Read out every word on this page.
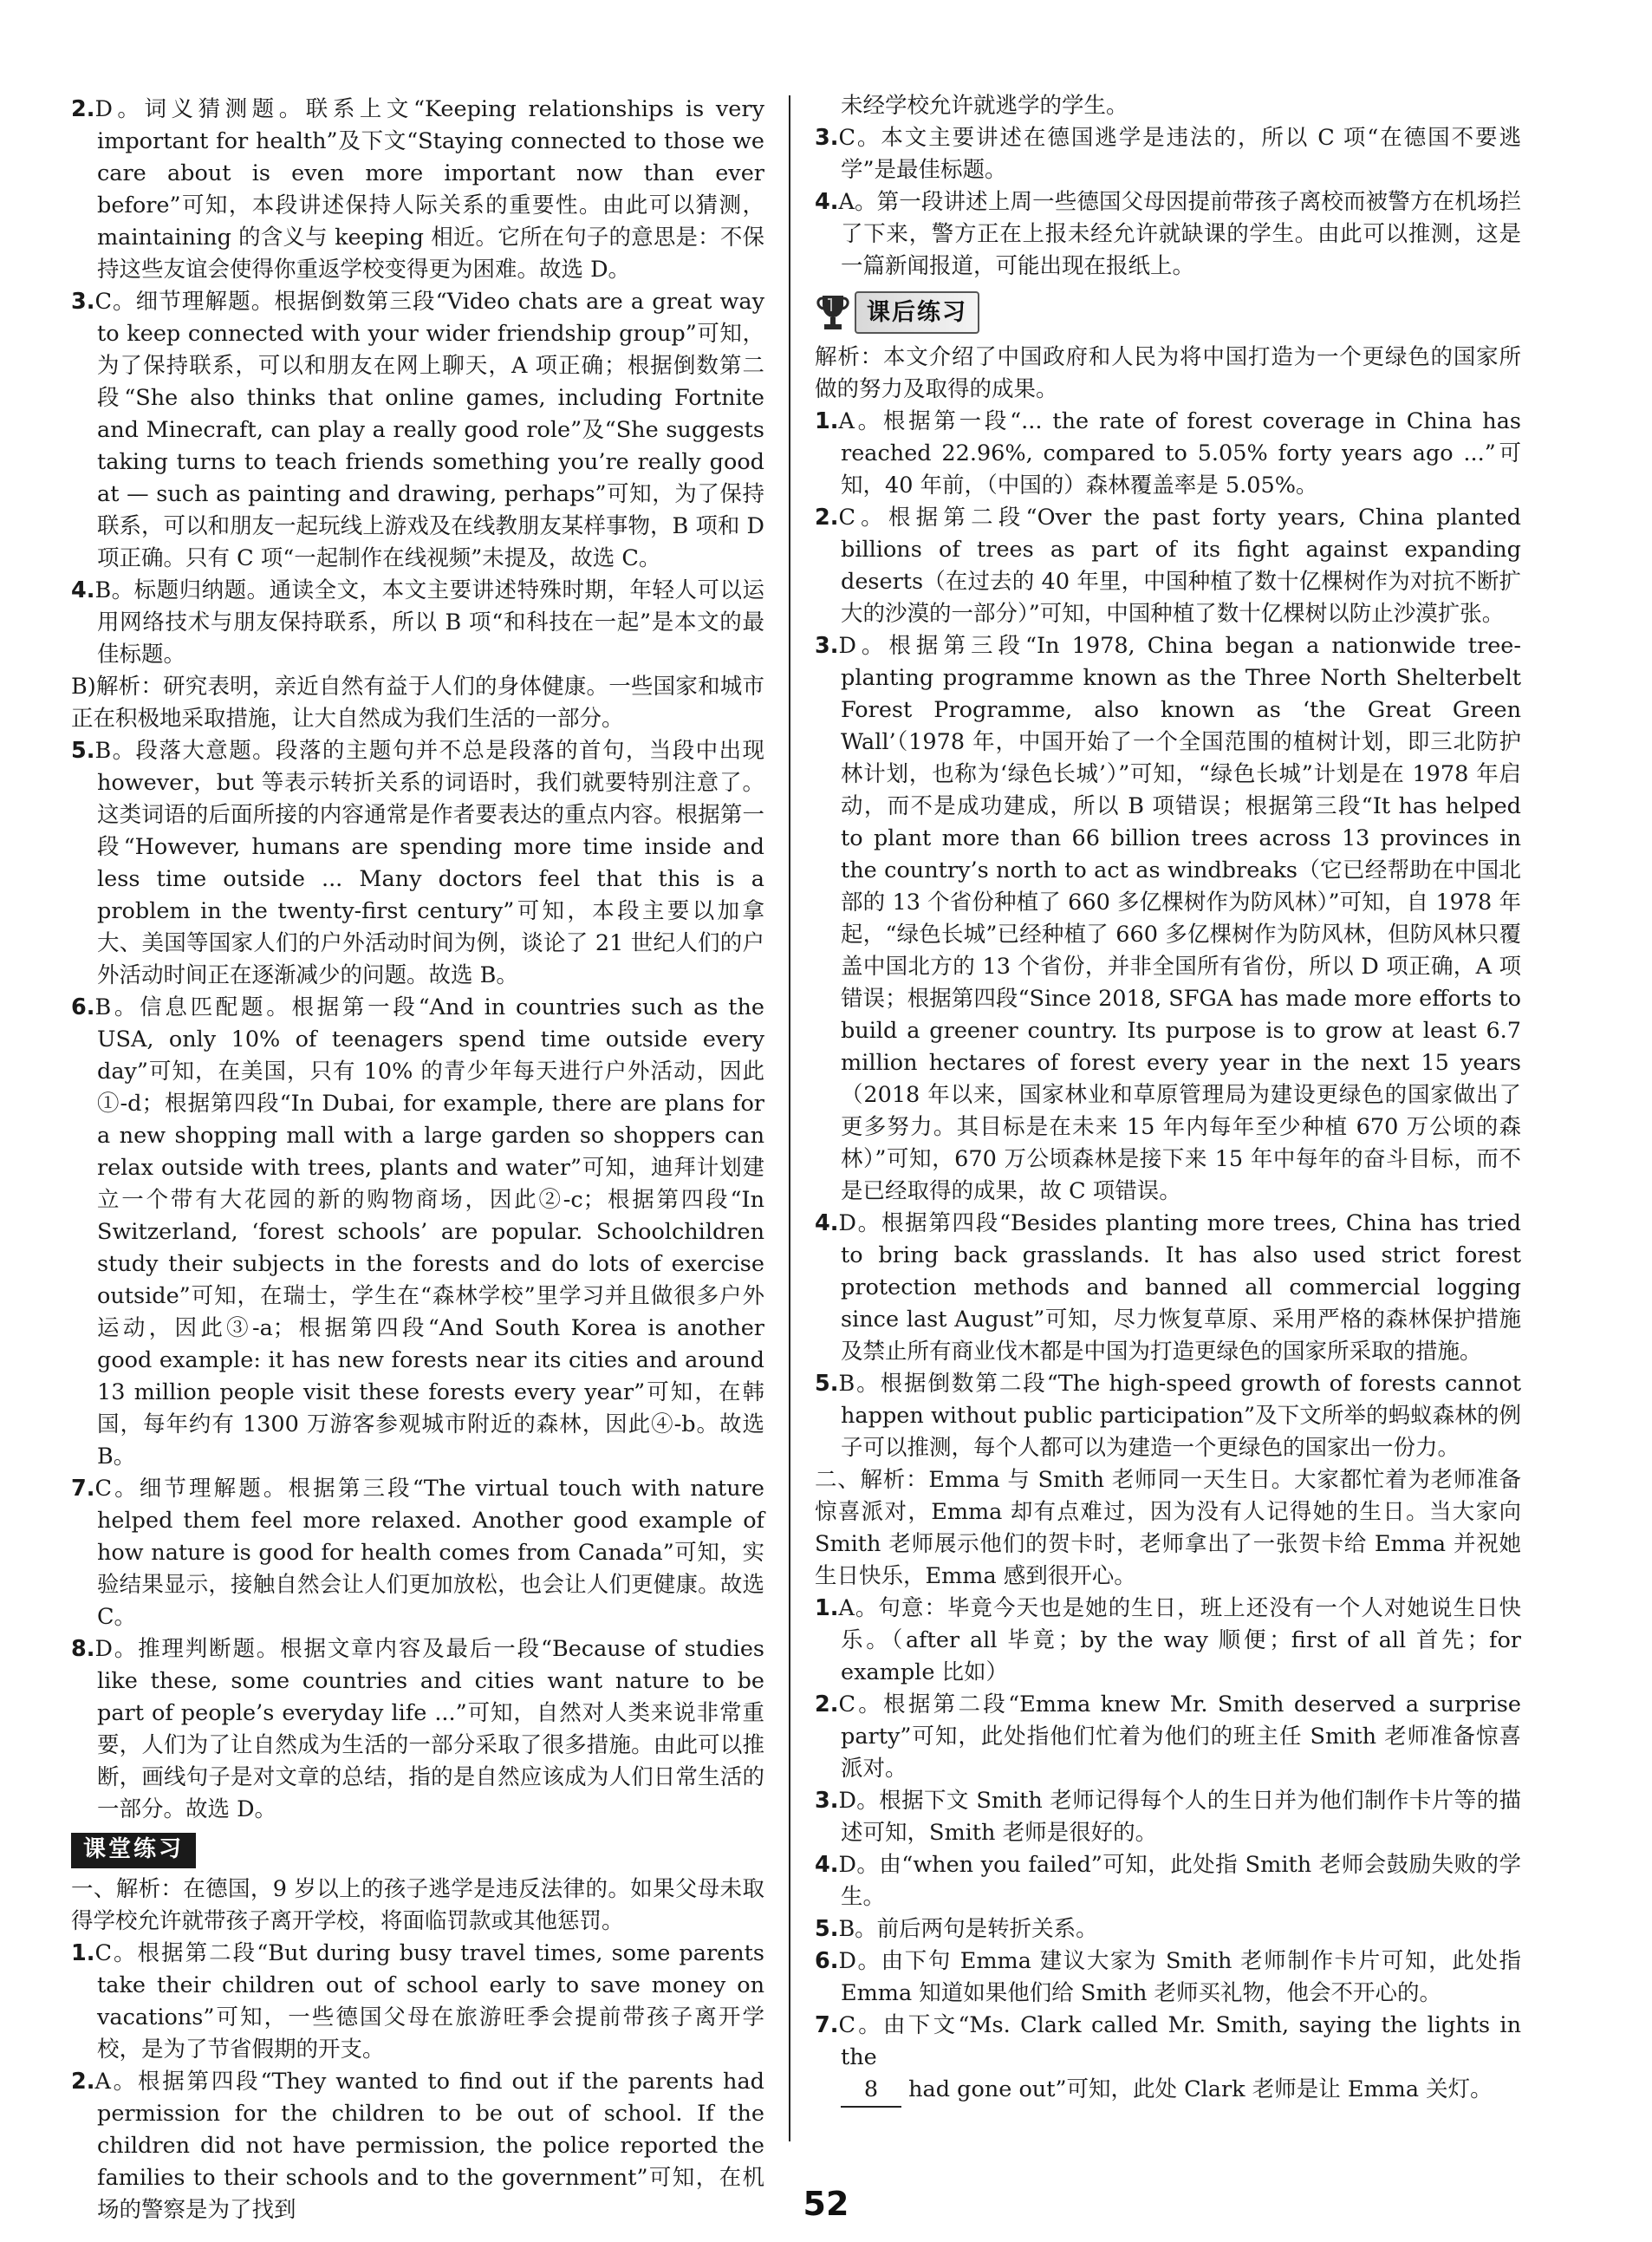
2.D。词义猜测题。联系上文“Keeping relationships is very important for health”及下文“Staying connected to those we care about is even more important now than ever before”可知，本段讲述保持人际关系的重要性。由此可以猜测，maintaining 的含义与 keeping 相近。它所在句子的意思是：不保持这些友谊会使得你重返学校变得更为困难。故选 D。

3.C。细节理解题。根据倒数第三段“Video chats are a great way to keep connected with your wider friendship group”可知，为了保持联系，可以和朋友在网上聊天，A 项正确；根据倒数第二段“She also thinks that online games, including Fortnite and Minecraft, can play a really good role”及“She suggests taking turns to teach friends something you’re really good at — such as painting and drawing, perhaps”可知，为了保持联系，可以和朋友一起玩线上游戏及在线教朋友某样事物，B 项和 D 项正确。只有 C 项“一起制作在线视频”未提及，故选 C。

4.B。标题归纳题。通读全文，本文主要讲述特殊时期，年轻人可以运用网络技术与朋友保持联系，所以 B 项“和科技在一起”是本文的最佳标题。

B)解析：研究表明，亲近自然有益于人们的身体健康。一些国家和城市正在积极地采取措施，让大自然成为我们生活的一部分。

5.B。段落大意题。段落的主题句并不总是段落的首句，当段中出现 however，but 等表示转折关系的词语时，我们就要特别注意了。这类词语的后面所接的内容通常是作者要表达的重点内容。根据第一段“However, humans are spending more time inside and less time outside ... Many doctors feel that this is a problem in the twenty-first century”可知，本段主要以加拿大、美国等国家人们的户外活动时间为例，谈论了 21 世纪人们的户外活动时间正在逐渐减少的问题。故选 B。

6.B。信息匹配题。根据第一段“And in countries such as the USA, only 10% of teenagers spend time outside every day”可知，在美国，只有 10% 的青少年每天进行户外活动，因此①-d；根据第四段“In Dubai, for example, there are plans for a new shopping mall with a large garden so shoppers can relax outside with trees, plants and water”可知，迪拜计划建立一个带有大花园的新的购物商场，因此②-c；根据第四段“In Switzerland, ‘forest schools’ are popular. Schoolchildren study their subjects in the forests and do lots of exercise outside”可知，在瑞士，学生在“森林学校”里学习并且做很多户外运动，因此③-a；根据第四段“And South Korea is another good example: it has new forests near its cities and around 13 million people visit these forests every year”可知，在韩国，每年约有 1300 万游客参观城市附近的森林，因此④-b。故选 B。

7.C。细节理解题。根据第三段“The virtual touch with nature helped them feel more relaxed. Another good example of how nature is good for health comes from Canada”可知，实验结果显示，接触自然会让人们更加放松，也会让人们更健康。故选 C。

8.D。推理判断题。根据文章内容及最后一段“Because of studies like these, some countries and cities want nature to be part of people’s everyday life ...”可知，自然对人类来说非常重要，人们为了让自然成为生活的一部分采取了很多措施。由此可以推断，画线句子是对文章的总结，指的是自然应该成为人们日常生活的一部分。故选 D。

课堂练习

一、解析：在德国，9 岁以上的孩子逃学是违反法律的。如果父母未取得学校允许就带孩子离开学校，将面临罚款或其他惩罚。

1.C。根据第二段“But during busy travel times, some parents take their children out of school early to save money on vacations”可知，一些德国父母在旅游旺季会提前带孩子离开学校，是为了节省假期的开支。

2.A。根据第四段“They wanted to find out if the parents had permission for the children to be out of school. If the children did not have permission, the police reported the families to their schools and to the government”可知，在机场的警察是为了找到

未经学校允许就逃学的学生。

3.C。本文主要讲述在德国逃学是违法的，所以 C 项“在德国不要逃学”是最佳标题。

4.A。第一段讲述上周一些德国父母因提前带孩子离校而被警方在机场拦了下来，警方正在上报未经允许就缺课的学生。由此可以推测，这是一篇新闻报道，可能出现在报纸上。

课后练习

解析：本文介绍了中国政府和人民为将中国打造为一个更绿色的国家所做的努力及取得的成果。

1.A。根据第一段“... the rate of forest coverage in China has reached 22.96%, compared to 5.05% forty years ago ...”可知，40 年前，（中国的）森林覆盖率是 5.05%。

2.C。根据第二段“Over the past forty years, China planted billions of trees as part of its fight against expanding deserts（在过去的 40 年里，中国种植了数十亿棵树作为对抗不断扩大的沙漠的一部分）”可知，中国种植了数十亿棵树以防止沙漠扩张。

3.D。根据第三段“In 1978, China began a nationwide tree-planting programme known as the Three North Shelterbelt Forest Programme, also known as ‘the Great Green Wall’（1978 年，中国开始了一个全国范围的植树计划，即三北防护林计划，也称为‘绿色长城’）”可知，“绿色长城”计划是在 1978 年启动，而不是成功建成，所以 B 项错误；根据第三段“It has helped to plant more than 66 billion trees across 13 provinces in the country’s north to act as windbreaks（它已经帮助在中国北部的 13 个省份种植了 660 多亿棵树作为防风林）”可知，自 1978 年起，“绿色长城”已经种植了 660 多亿棵树作为防风林，但防风林只覆盖中国北方的 13 个省份，并非全国所有省份，所以 D 项正确，A 项错误；根据第四段“Since 2018, SFGA has made more efforts to build a greener country. Its purpose is to grow at least 6.7 million hectares of forest every year in the next 15 years（2018 年以来，国家林业和草原管理局为建设更绿色的国家做出了更多努力。其目标是在未来 15 年内每年至少种植 670 万公顷的森林）”可知，670 万公顷森林是接下来 15 年中每年的奋斗目标，而不是已经取得的成果，故 C 项错误。

4.D。根据第四段“Besides planting more trees, China has tried to bring back grasslands. It has also used strict forest protection methods and banned all commercial logging since last August”可知，尽力恢复草原、采用严格的森林保护措施及禁止所有商业伐木都是中国为打造更绿色的国家所采取的措施。

5.B。根据倒数第二段“The high-speed growth of forests cannot happen without public participation”及下文所举的蚂蚁森林的例子可以推测，每个人都可以为建造一个更绿色的国家出一份力。

二、解析：Emma 与 Smith 老师同一天生日。大家都忙着为老师准备惊喜派对，Emma 却有点难过，因为没有人记得她的生日。当大家向 Smith 老师展示他们的贺卡时，老师拿出了一张贺卡给 Emma 并祝她生日快乐，Emma 感到很开心。

1.A。句意：毕竟今天也是她的生日，班上还没有一个人对她说生日快乐。（after all 毕竟；by the way 顺便；first of all 首先；for example 比如）

2.C。根据第二段“Emma knew Mr. Smith deserved a surprise party”可知，此处指他们忙着为他们的班主任 Smith 老师准备惊喜派对。

3.D。根据下文 Smith 老师记得每个人的生日并为他们制作卡片等的描述可知，Smith 老师是很好的。

4.D。由“when you failed”可知，此处指 Smith 老师会鼓励失败的学生。

5.B。前后两句是转折关系。

6.D。由下句 Emma 建议大家为 Smith 老师制作卡片可知，此处指 Emma 知道如果他们给 Smith 老师买礼物，他会不开心的。

7.C。由下文“Ms. Clark called Mr. Smith, saying the lights in the

8 had gone out”可知，此处 Clark 老师是让 Emma 关灯。

52
